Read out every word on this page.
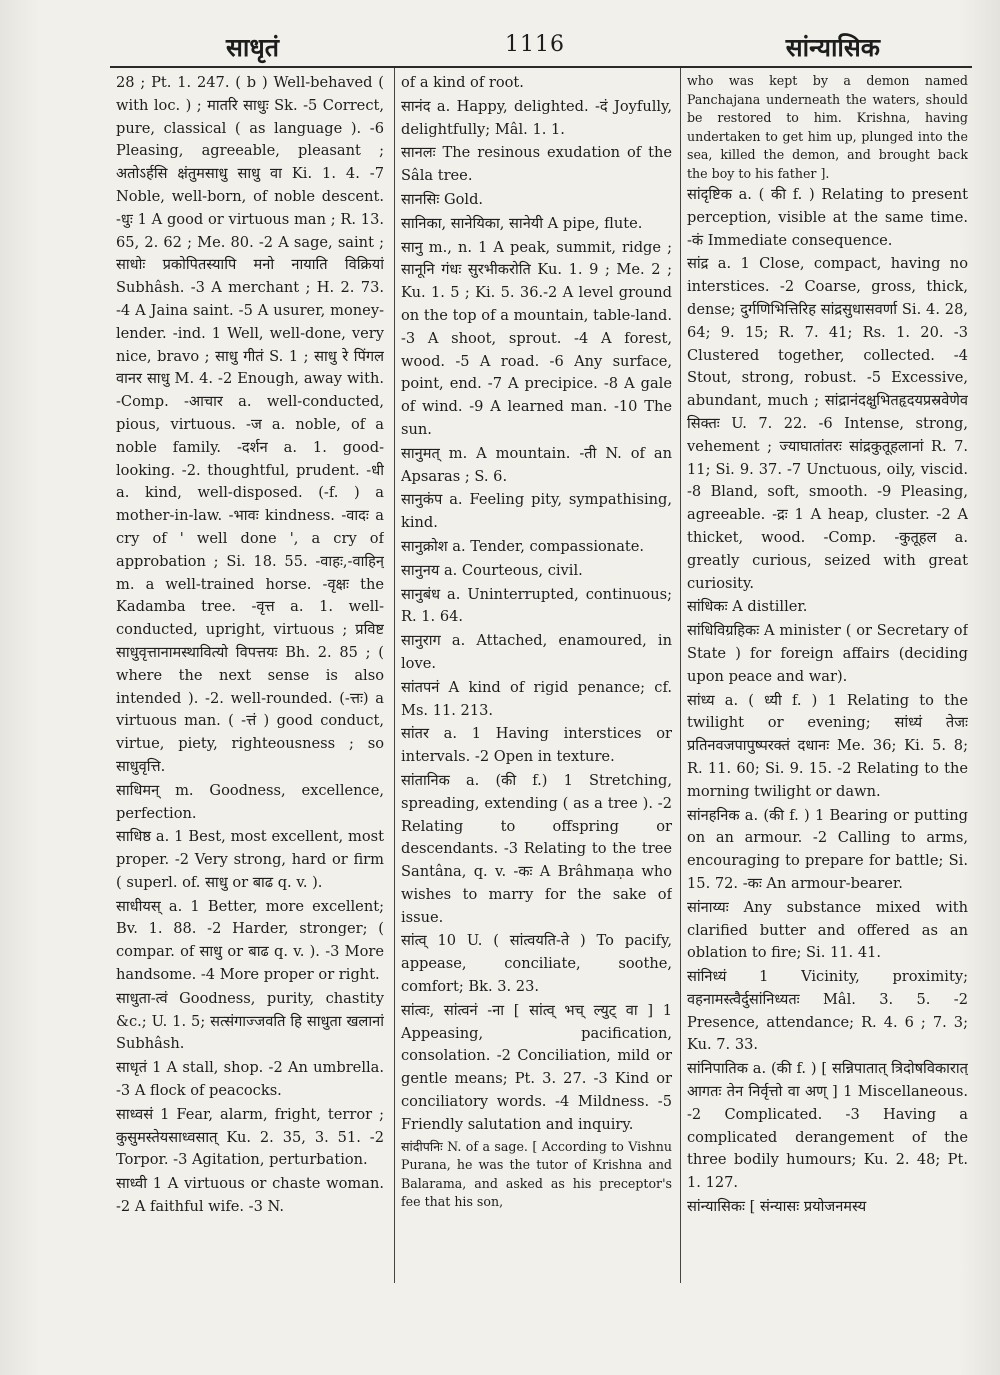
साधृतं	1116	सांन्यासिक

28 ; Pt. 1. 247. ( b ) Well-behaved ( with loc. ) ; मातरि साधुः Sk. -5 Correct, pure, classical ( as language ). -6 Pleasing, agreeable, pleasant ; अतोऽर्हसि क्षंतुमसाधु साधु वा Ki. 1. 4. -7 Noble, well-born, of noble descent. -धुः 1 A good or virtuous man ; R. 13. 65, 2. 62 ; Me. 80. -2 A sage, saint ; साधोः प्रकोपितस्यापि मनो नायाति विक्रियां Subhâsh. -3 A merchant ; H. 2. 73. -4 A Jaina saint. -5 A usurer, money-lender. -ind. 1 Well, well-done, very nice, bravo ; साधु गीतं S. 1 ; साधु रे पिंगल वानर साधु M. 4. -2 Enough, away with. -Comp. -आचार a. well-conducted, pious, virtuous. -ज a. noble, of a noble family. -दर्शन a. 1. good-looking. -2. thoughtful, prudent. -धी a. kind, well-disposed. (-f. ) a mother-in-law. -भावः kindness. -वादः a cry of ' well done ', a cry of approbation ; Si. 18. 55. -वाहः,-वाहिन् m. a well-trained horse. -वृक्षः the Kadamba tree. -वृत्त a. 1. well-conducted, upright, virtuous ; प्रविष्ट साधुवृत्तानामस्थावित्यो विपत्तयः Bh. 2. 85 ; ( where the next sense is also intended ). -2. well-rounded. (-त्तः) a virtuous man. ( -त्तं ) good conduct, virtue, piety, righteousness ; so साधुवृत्ति.

साधिमन् m. Goodness, excellence, perfection.

साधिष्ठ a. 1 Best, most excellent, most proper. -2 Very strong, hard or firm ( superl. of. साधु or बाढ q. v. ).

साधीयस् a. 1 Better, more excellent; Bv. 1. 88. -2 Harder, stronger; ( compar. of साधु or बाढ q. v. ). -3 More handsome. -4 More proper or right.

साधुता-त्वं Goodness, purity, chastity &c.; U. 1. 5; सत्संगाज्जवति हि साधुता खलानां Subhâsh.

साधृतं 1 A stall, shop. -2 An umbrella. -3 A flock of peacocks.

साध्वसं 1 Fear, alarm, fright, terror ; कुसुमस्तेयसाध्वसात् Ku. 2. 35, 3. 51. -2 Torpor. -3 Agitation, perturbation.

साध्वी 1 A virtuous or chaste woman. -2 A faithful wife. -3 N.

of a kind of root.

सानंद a. Happy, delighted. -दं Joyfully, delightfully; Mâl. 1. 1.

सानलः The resinous exudation of the Sâla tree.

सानसिः Gold.

सानिका, सानेयिका, सानेयी A pipe, flute.

सानु m., n. 1 A peak, summit, ridge ; सानूनि गंधः सुरभीकरोति Ku. 1. 9 ; Me. 2 ; Ku. 1. 5 ; Ki. 5. 36.-2 A level ground on the top of a mountain, table-land. -3 A shoot, sprout. -4 A forest, wood. -5 A road. -6 Any surface, point, end. -7 A precipice. -8 A gale of wind. -9 A learned man. -10 The sun.

सानुमत् m. A mountain. -ती N. of an Apsaras ; S. 6.

सानुकंप a. Feeling pity, sympathising, kind.

सानुक्रोश a. Tender, compassionate.

सानुनय a. Courteous, civil.

सानुबंध a. Uninterrupted, continuous; R. 1. 64.

सानुराग a. Attached, enamoured, in love.

सांतपनं A kind of rigid penance; cf. Ms. 11. 213.

सांतर a. 1 Having interstices or intervals. -2 Open in texture.

सांतानिक a. (की f.) 1 Stretching, spreading, extending ( as a tree ). -2 Relating to offspring or descendants. -3 Relating to the tree Santâna, q. v. -कः A Brâhmaṇa who wishes to marry for the sake of issue.

सांत्व् 10 U. ( सांत्वयति-ते ) To pacify, appease, conciliate, soothe, comfort; Bk. 3. 23.

सांत्वः, सांत्वनं -ना [ सांत्व् भच् ल्युट् वा ] 1 Appeasing, pacification, consolation. -2 Conciliation, mild or gentle means; Pt. 3. 27. -3 Kind or conciliatory words. -4 Mildness. -5 Friendly salutation and inquiry.

सांदीपनिः N. of a sage. [ According to Vishnu Purana, he was the tutor of Krishna and Balarama, and asked as his preceptor's fee that his son,

who was kept by a demon named Panchajana underneath the waters, should be restored to him. Krishna, having undertaken to get him up, plunged into the sea, killed the demon, and brought back the boy to his father ].

सांदृष्टिक a. ( की f. ) Relating to present perception, visible at the same time. -कं Immediate consequence.

सांद्र a. 1 Close, compact, having no interstices. -2 Coarse, gross, thick, dense; दुर्गणिभित्तिरिह सांद्रसुधासवर्णा Si. 4. 28, 64; 9. 15; R. 7. 41; Rs. 1. 20. -3 Clustered together, collected. -4 Stout, strong, robust. -5 Excessive, abundant, much ; सांद्रानंदक्षुभितहृदयप्रस्रवेणेव सिक्तः U. 7. 22. -6 Intense, strong, vehement ; ज्याघातांतरः सांद्रकुतूहलानां R. 7. 11; Si. 9. 37. -7 Unctuous, oily, viscid. -8 Bland, soft, smooth. -9 Pleasing, agreeable. -द्रः 1 A heap, cluster. -2 A thicket, wood. -Comp. -कुतूहल a. greatly curious, seized with great curiosity.

सांधिकः A distiller.

सांधिविग्रहिकः A minister ( or Secretary of State ) for foreign affairs (deciding upon peace and war).

सांध्य a. ( ध्यी f. ) 1 Relating to the twilight or evening; सांध्यं तेजः प्रतिनवजपापुष्परक्तं दधानः Me. 36; Ki. 5. 8; R. 11. 60; Si. 9. 15. -2 Relating to the morning twilight or dawn.

सांनहनिक a. (की f. ) 1 Bearing or putting on an armour. -2 Calling to arms, encouraging to prepare for battle; Si. 15. 72. -कः An armour-bearer.

सांनाय्यः Any substance mixed with clarified butter and offered as an oblation to fire; Si. 11. 41.

सांनिध्यं 1 Vicinity, proximity; वहनामस्त्वैर्दुसांनिध्यतः Mâl. 3. 5. -2 Presence, attendance; R. 4. 6 ; 7. 3; Ku. 7. 33.

सांनिपातिक a. (की f. ) [ सन्निपातात् त्रिदोषविकारात् आगतः तेन निर्वृत्तो वा अण् ] 1 Miscellaneous. -2 Complicated. -3 Having a complicated derangement of the three bodily humours; Ku. 2. 48; Pt. 1. 127.

सांन्यासिकः [ संन्यासः प्रयोजनमस्य
